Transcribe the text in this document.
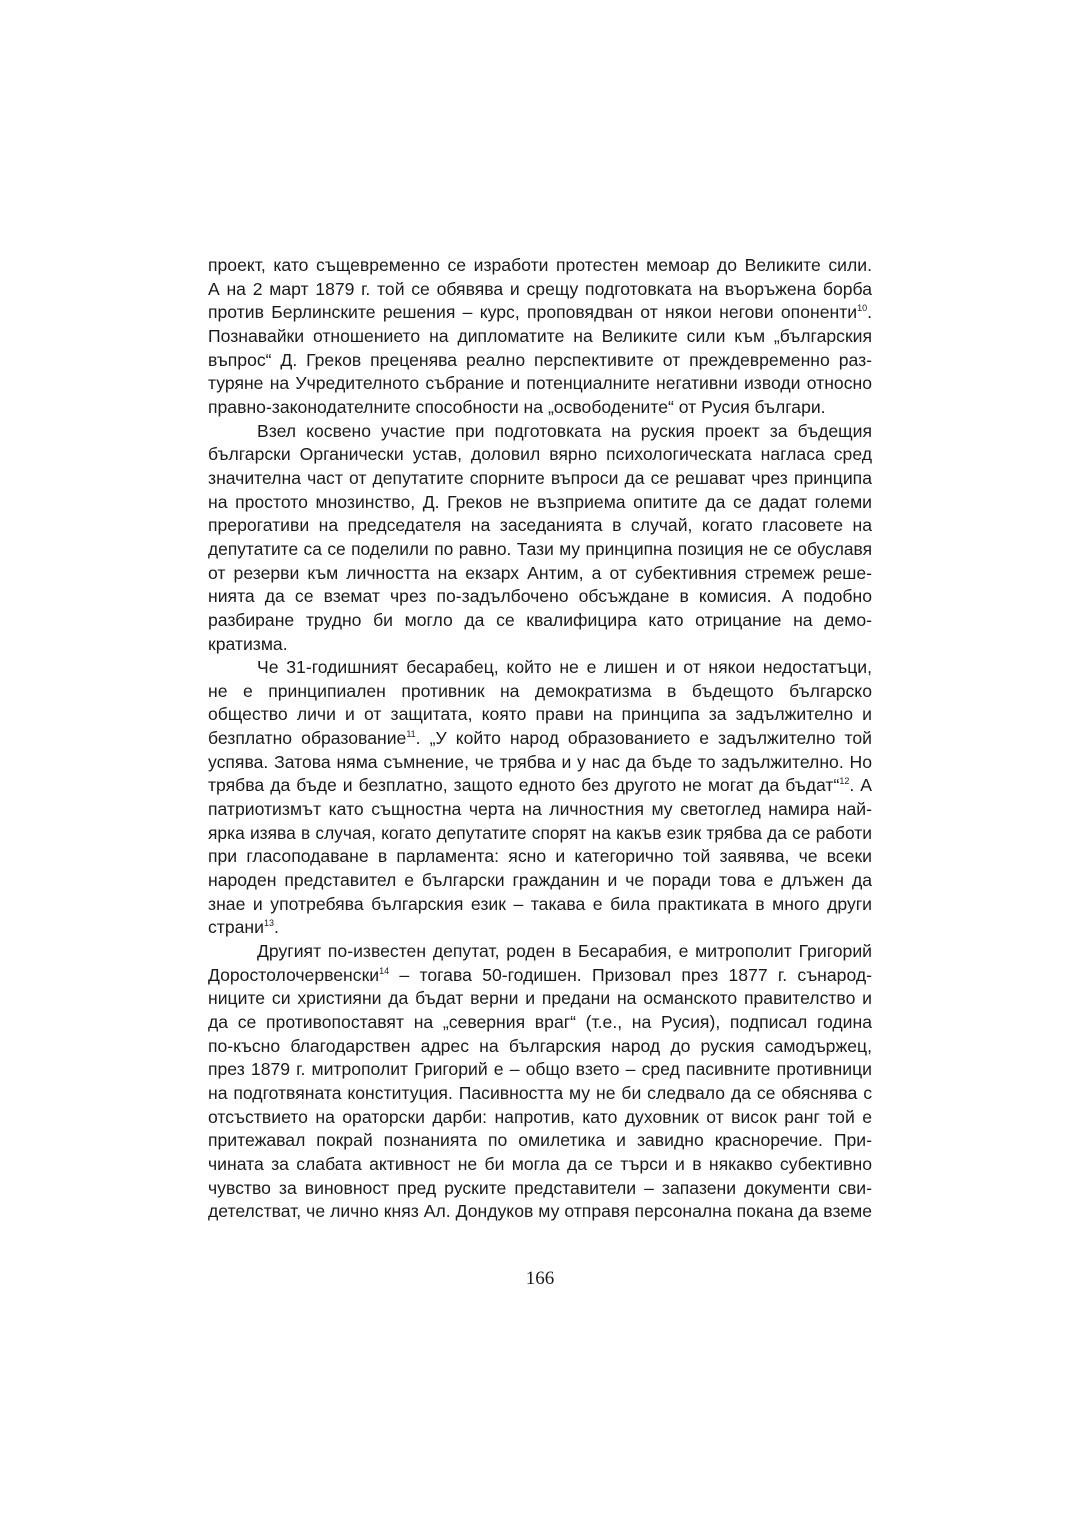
проект, като същевременно се изработи протестен мемоар до Великите сили.
А на 2 март 1879 г. той се обявява и срещу подготовката на въоръжена борба
против Берлинските решения – курс, проповядван от някои негови опоненти$^{10}$.
Познавайки отношението на дипломатите на Великите сили към „българския
въпрос“ Д. Греков преценява реално перспективите от преждевременно раз-
туряне на Учредителното събрание и потенциалните негативни изводи относно
правно-законодателните способности на „освободените“ от Русия българи.
Взел косвено участие при подготовката на руския проект за бъдещия
български Органически устав, доловил вярно психологическата нагласа сред
значителна част от депутатите спорните въпроси да се решават чрез принципа
на простото мнозинство, Д. Греков не възприема опитите да се дадат големи
прерогативи на председателя на заседанията в случай, когато гласовете на
депутатите са се поделили по равно. Тази му принципна позиция не се обуславя
от резерви към личността на екзарх Антим, а от субективния стремеж реше-
нията да се вземат чрез по-задълбочено обсъждане в комисия. А подобно
разбиране трудно би могло да се квалифицира като отрицание на демо-
кратизма.
Че 31-годишният бесарабец, който не е лишен и от някои недостатъци,
не е принципиален противник на демократизма в бъдещото българско
общество личи и от защитата, която прави на принципа за задължително и
безплатно образование$^{11}$. „У който народ образованието е задължително той
успява. Затова няма съмнение, че трябва и у нас да бъде то задължително. Но
трябва да бъде и безплатно, защото едното без другото не могат да бъдат“$^{12}$. А
патриотизмът като същностна черта на личностния му светоглед намира най-
ярка изява в случая, когато депутатите спорят на какъв език трябва да се работи
при гласоподаване в парламента: ясно и категорично той заявява, че всеки
народен представител е български гражданин и че поради това е длъжен да
знае и употребява българския език – такава е била практиката в много други
страни$^{13}$.
Другият по-известен депутат, роден в Бесарабия, е митрополит Григорий
Доростолочервенски$^{14}$ – тогава 50-годишен. Призовал през 1877 г. сънарод-
ниците си християни да бъдат верни и предани на османското правителство и
да се противопоставят на „северния враг“ (т.е., на Русия), подписал година
по-късно благодарствен адрес на българския народ до руския самодържец,
през 1879 г. митрополит Григорий е – общо взето – сред пасивните противници
на подготвяната конституция. Пасивността му не би следвало да се обяснява с
отсъствието на ораторски дарби: напротив, като духовник от висок ранг той е
притежавал покрай познанията по омилетика и завидно красноречие. При-
чината за слабата активност не би могла да се търси и в някакво субективно
чувство за виновност пред руските представители – запазени документи сви-
детелстват, че лично княз Ал. Дондуков му отправя персонална покана да вземе
166
